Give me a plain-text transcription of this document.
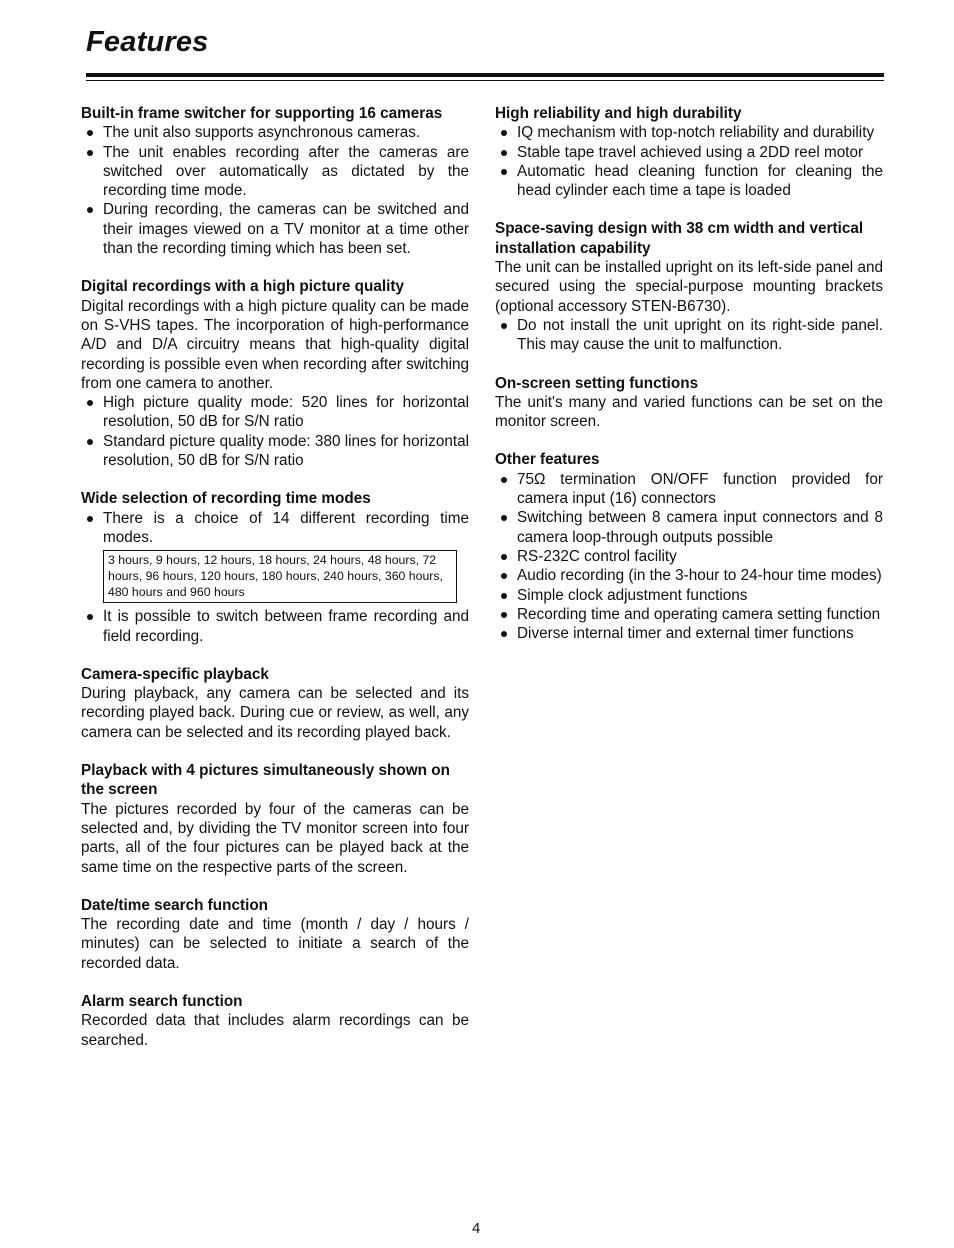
Features
Built-in frame switcher for supporting 16 cameras
The unit also supports asynchronous cameras.
The unit enables recording after the cameras are switched over automatically as dictated by the recording time mode.
During recording, the cameras can be switched and their images viewed on a TV monitor at a time other than the recording timing which has been set.
Digital recordings with a high picture quality

Digital recordings with a high picture quality can be made on S-VHS tapes. The incorporation of high-performance A/D and D/A circuitry means that high-quality digital recording is possible even when recording after switching from one camera to another.

High picture quality mode: 520 lines for horizontal resolution, 50 dB for S/N ratio
Standard picture quality mode: 380 lines for horizontal resolution, 50 dB for S/N ratio
Wide selection of recording time modes
There is a choice of 14 different recording time modes.
3 hours, 9 hours, 12 hours, 18 hours, 24 hours, 48 hours, 72 hours, 96 hours, 120 hours, 180 hours, 240 hours, 360 hours, 480 hours and 960 hours
It is possible to switch between frame recording and field recording.
Camera-specific playback

During playback, any camera can be selected and its recording played back. During cue or review, as well, any camera can be selected and its recording played back.

Playback with 4 pictures simultaneously shown on the screen

The pictures recorded by four of the cameras can be selected and, by dividing the TV monitor screen into four parts, all of the four pictures can be played back at the same time on the respective parts of the screen.

Date/time search function

The recording date and time (month / day / hours / minutes) can be selected to initiate a search of the recorded data.

Alarm search function

Recorded data that includes alarm recordings can be searched.

High reliability and high durability
IQ mechanism with top-notch reliability and durability
Stable tape travel achieved using a 2DD reel motor
Automatic head cleaning function for cleaning the head cylinder each time a tape is loaded
Space-saving design with 38 cm width and vertical installation capability

The unit can be installed upright on its left-side panel and secured using the special-purpose mounting brackets (optional accessory STEN-B6730).

Do not install the unit upright on its right-side panel. This may cause the unit to malfunction.
On-screen setting functions

The unit's many and varied functions can be set on the monitor screen.

Other features
75Ω termination ON/OFF function provided for camera input (16) connectors
Switching between 8 camera input connectors and 8 camera loop-through outputs possible
RS-232C control facility
Audio recording (in the 3-hour to 24-hour time modes)
Simple clock adjustment functions
Recording time and operating camera setting function
Diverse internal timer and external timer functions
4
